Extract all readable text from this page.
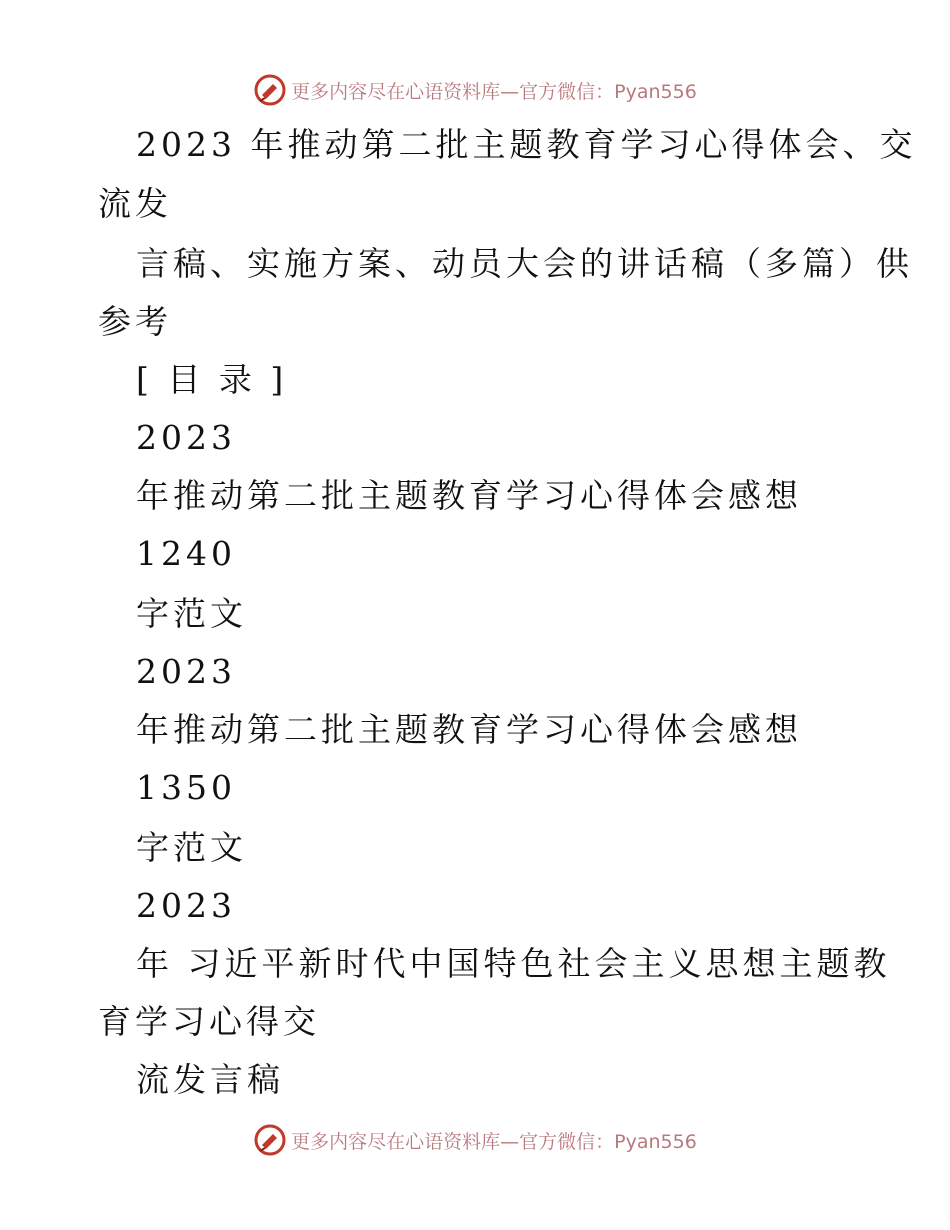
更多内容尽在心语资料库—官方微信：Pyan556
2023 年推动第二批主题教育学习心得体会、交
流发
言稿、实施方案、动员大会的讲话稿（多篇）供
参考
[ 目 录 ]
2023
年推动第二批主题教育学习心得体会感想
1240
字范文
2023
年推动第二批主题教育学习心得体会感想
1350
字范文
2023
年 习近平新时代中国特色社会主义思想主题教
育学习心得交
流发言稿
更多内容尽在心语资料库—官方微信：Pyan556
